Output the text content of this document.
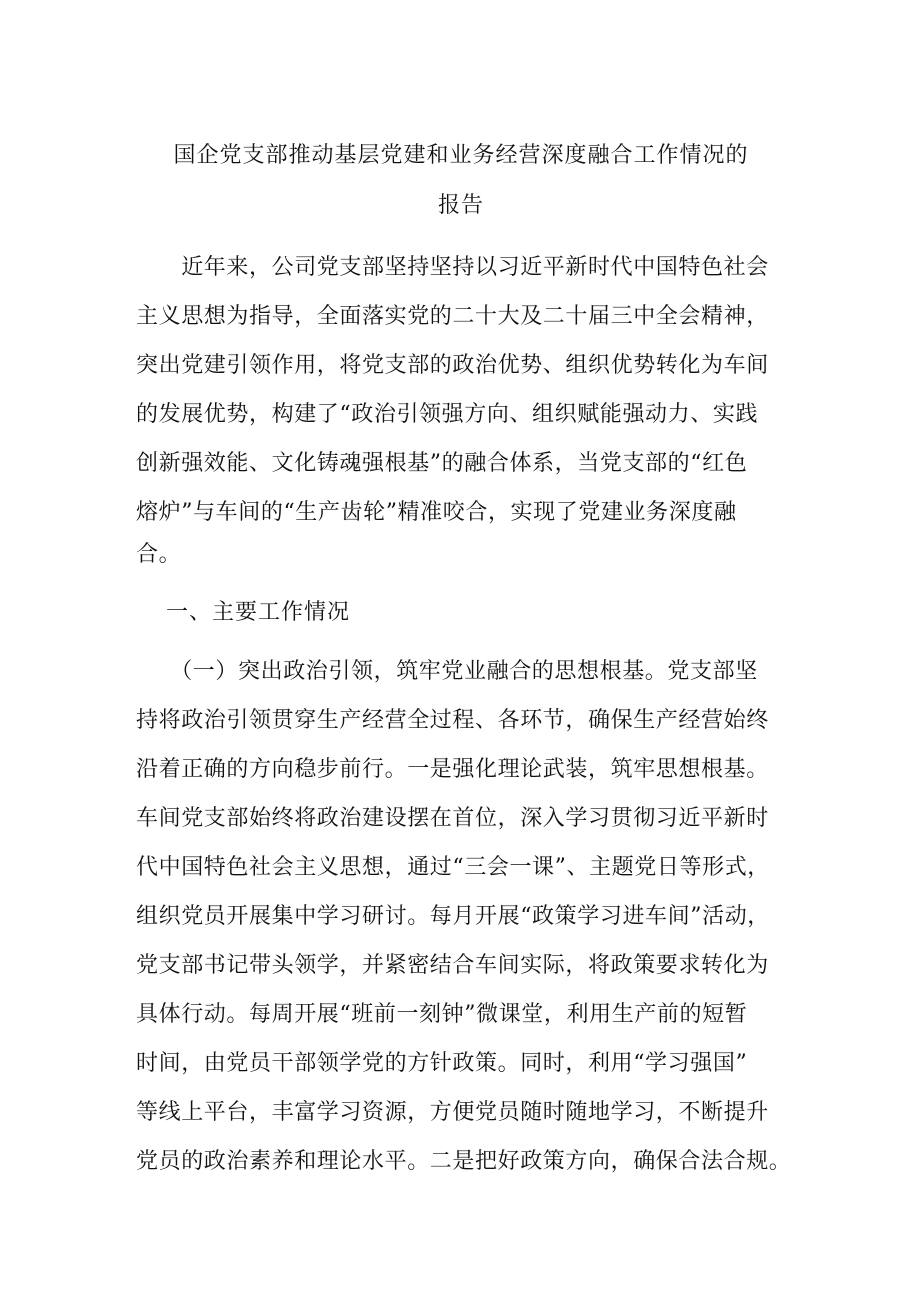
国企党支部推动基层党建和业务经营深度融合工作情况的
报告
　　近年来，公司党支部坚持坚持以习近平新时代中国特色社会
主义思想为指导，全面落实党的二十大及二十届三中全会精神，
突出党建引领作用，将党支部的政治优势、组织优势转化为车间
的发展优势，构建了“政治引领强方向、组织赋能强动力、实践
创新强效能、文化铸魂强根基”的融合体系，当党支部的“红色
熔炉”与车间的“生产齿轮”精准咬合，实现了党建业务深度融
合。
一、主要工作情况
　　（一）突出政治引领，筑牢党业融合的思想根基。党支部坚
持将政治引领贯穿生产经营全过程、各环节，确保生产经营始终
沿着正确的方向稳步前行。一是强化理论武装，筑牢思想根基。
车间党支部始终将政治建设摆在首位，深入学习贯彻习近平新时
代中国特色社会主义思想，通过“三会一课”、主题党日等形式，
组织党员开展集中学习研讨。每月开展“政策学习进车间”活动，
党支部书记带头领学，并紧密结合车间实际，将政策要求转化为
具体行动。每周开展“班前一刻钟”微课堂，利用生产前的短暂
时间，由党员干部领学党的方针政策。同时，利用“学习强国”
等线上平台，丰富学习资源，方便党员随时随地学习，不断提升
党员的政治素养和理论水平。二是把好政策方向，确保合法合规。
